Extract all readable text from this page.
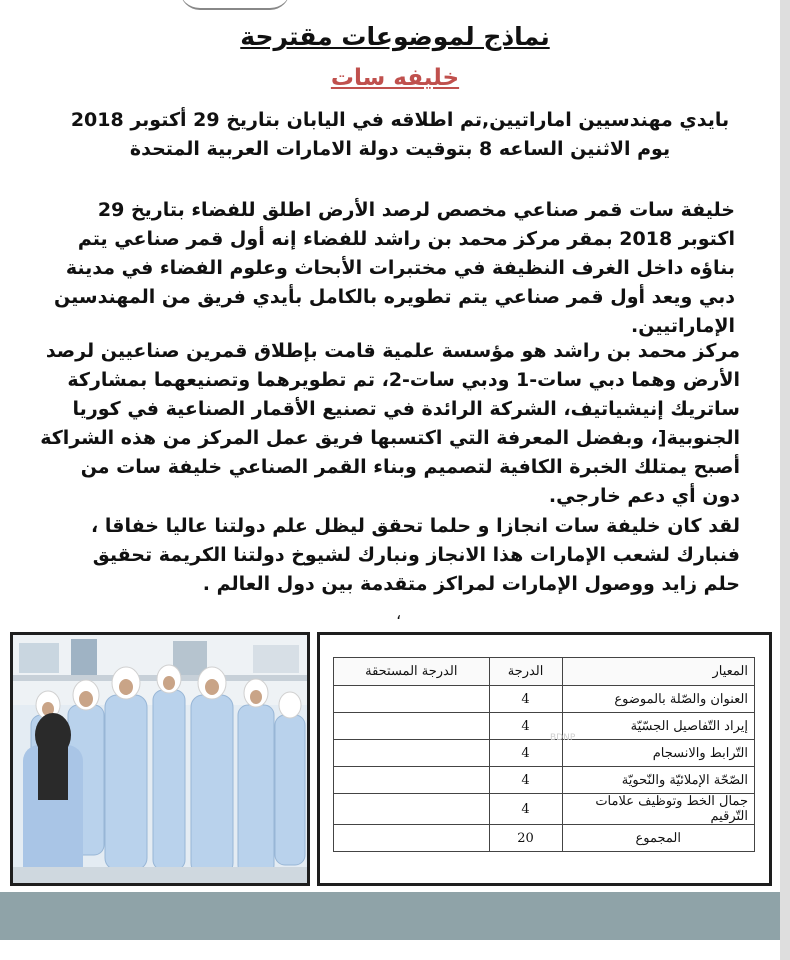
نماذج لموضوعات مقترحة
خليفه سات
بايدي مهندسيين اماراتيين,تم اطلاقه في اليابان بتاريخ 29 أكتوبر 2018 يوم الاثنين الساعه 8 بتوقيت دولة الامارات العربية المتحدة
خليفة سات قمر صناعي مخصص لرصد الأرض اطلق للفضاء بتاريخ 29 اكتوبر 2018 بمقر مركز محمد بن راشد للفضاء إنه أول قمر صناعي يتم بناؤه داخل الغرف النظيفة في مختبرات الأبحاث وعلوم الفضاء في مدينة دبي ويعد أول قمر صناعي يتم تطويره بالكامل بأيدي فريق من المهندسين الإماراتيين.
مركز محمد بن راشد هو مؤسسة علمية قامت بإطلاق قمرين صناعيين لرصد الأرض وهما دبي سات-1 ودبي سات-2، تم تطويرهما وتصنيعهما بمشاركة ساتريك إنيشياتيف، الشركة الرائدة في تصنيع الأقمار الصناعية في كوريا الجنوبية[، وبفضل المعرفة التي اكتسبها فريق عمل المركز من هذه الشراكة أصبح يمتلك الخبرة الكافية لتصميم وبناء القمر الصناعي خليفة سات من دون أي دعم خارجي.
لقد كان خليفة سات انجازا و حلما تحقق ليظل علم دولتنا عاليا خفاقا ، فنبارك لشعب الإمارات هذا الانجاز ونبارك لشيوخ دولتنا الكريمة تحقيق حلم زايد ووصول الإمارات لمراكز متقدمة بين دول العالم .
،
المعيار	الدرجة	الدرجة المستحقة
العنوان والصّلة بالموضوع	4	
إيراد التّفاصيل الجسّيّة	4	
التّرابط والانسجام	4	
الصّحّة الإملائيّة والنّحويّة	4	
جمال الخط وتوظيف علامات التّرقيم	4	
المجموع	20	
BDNP
